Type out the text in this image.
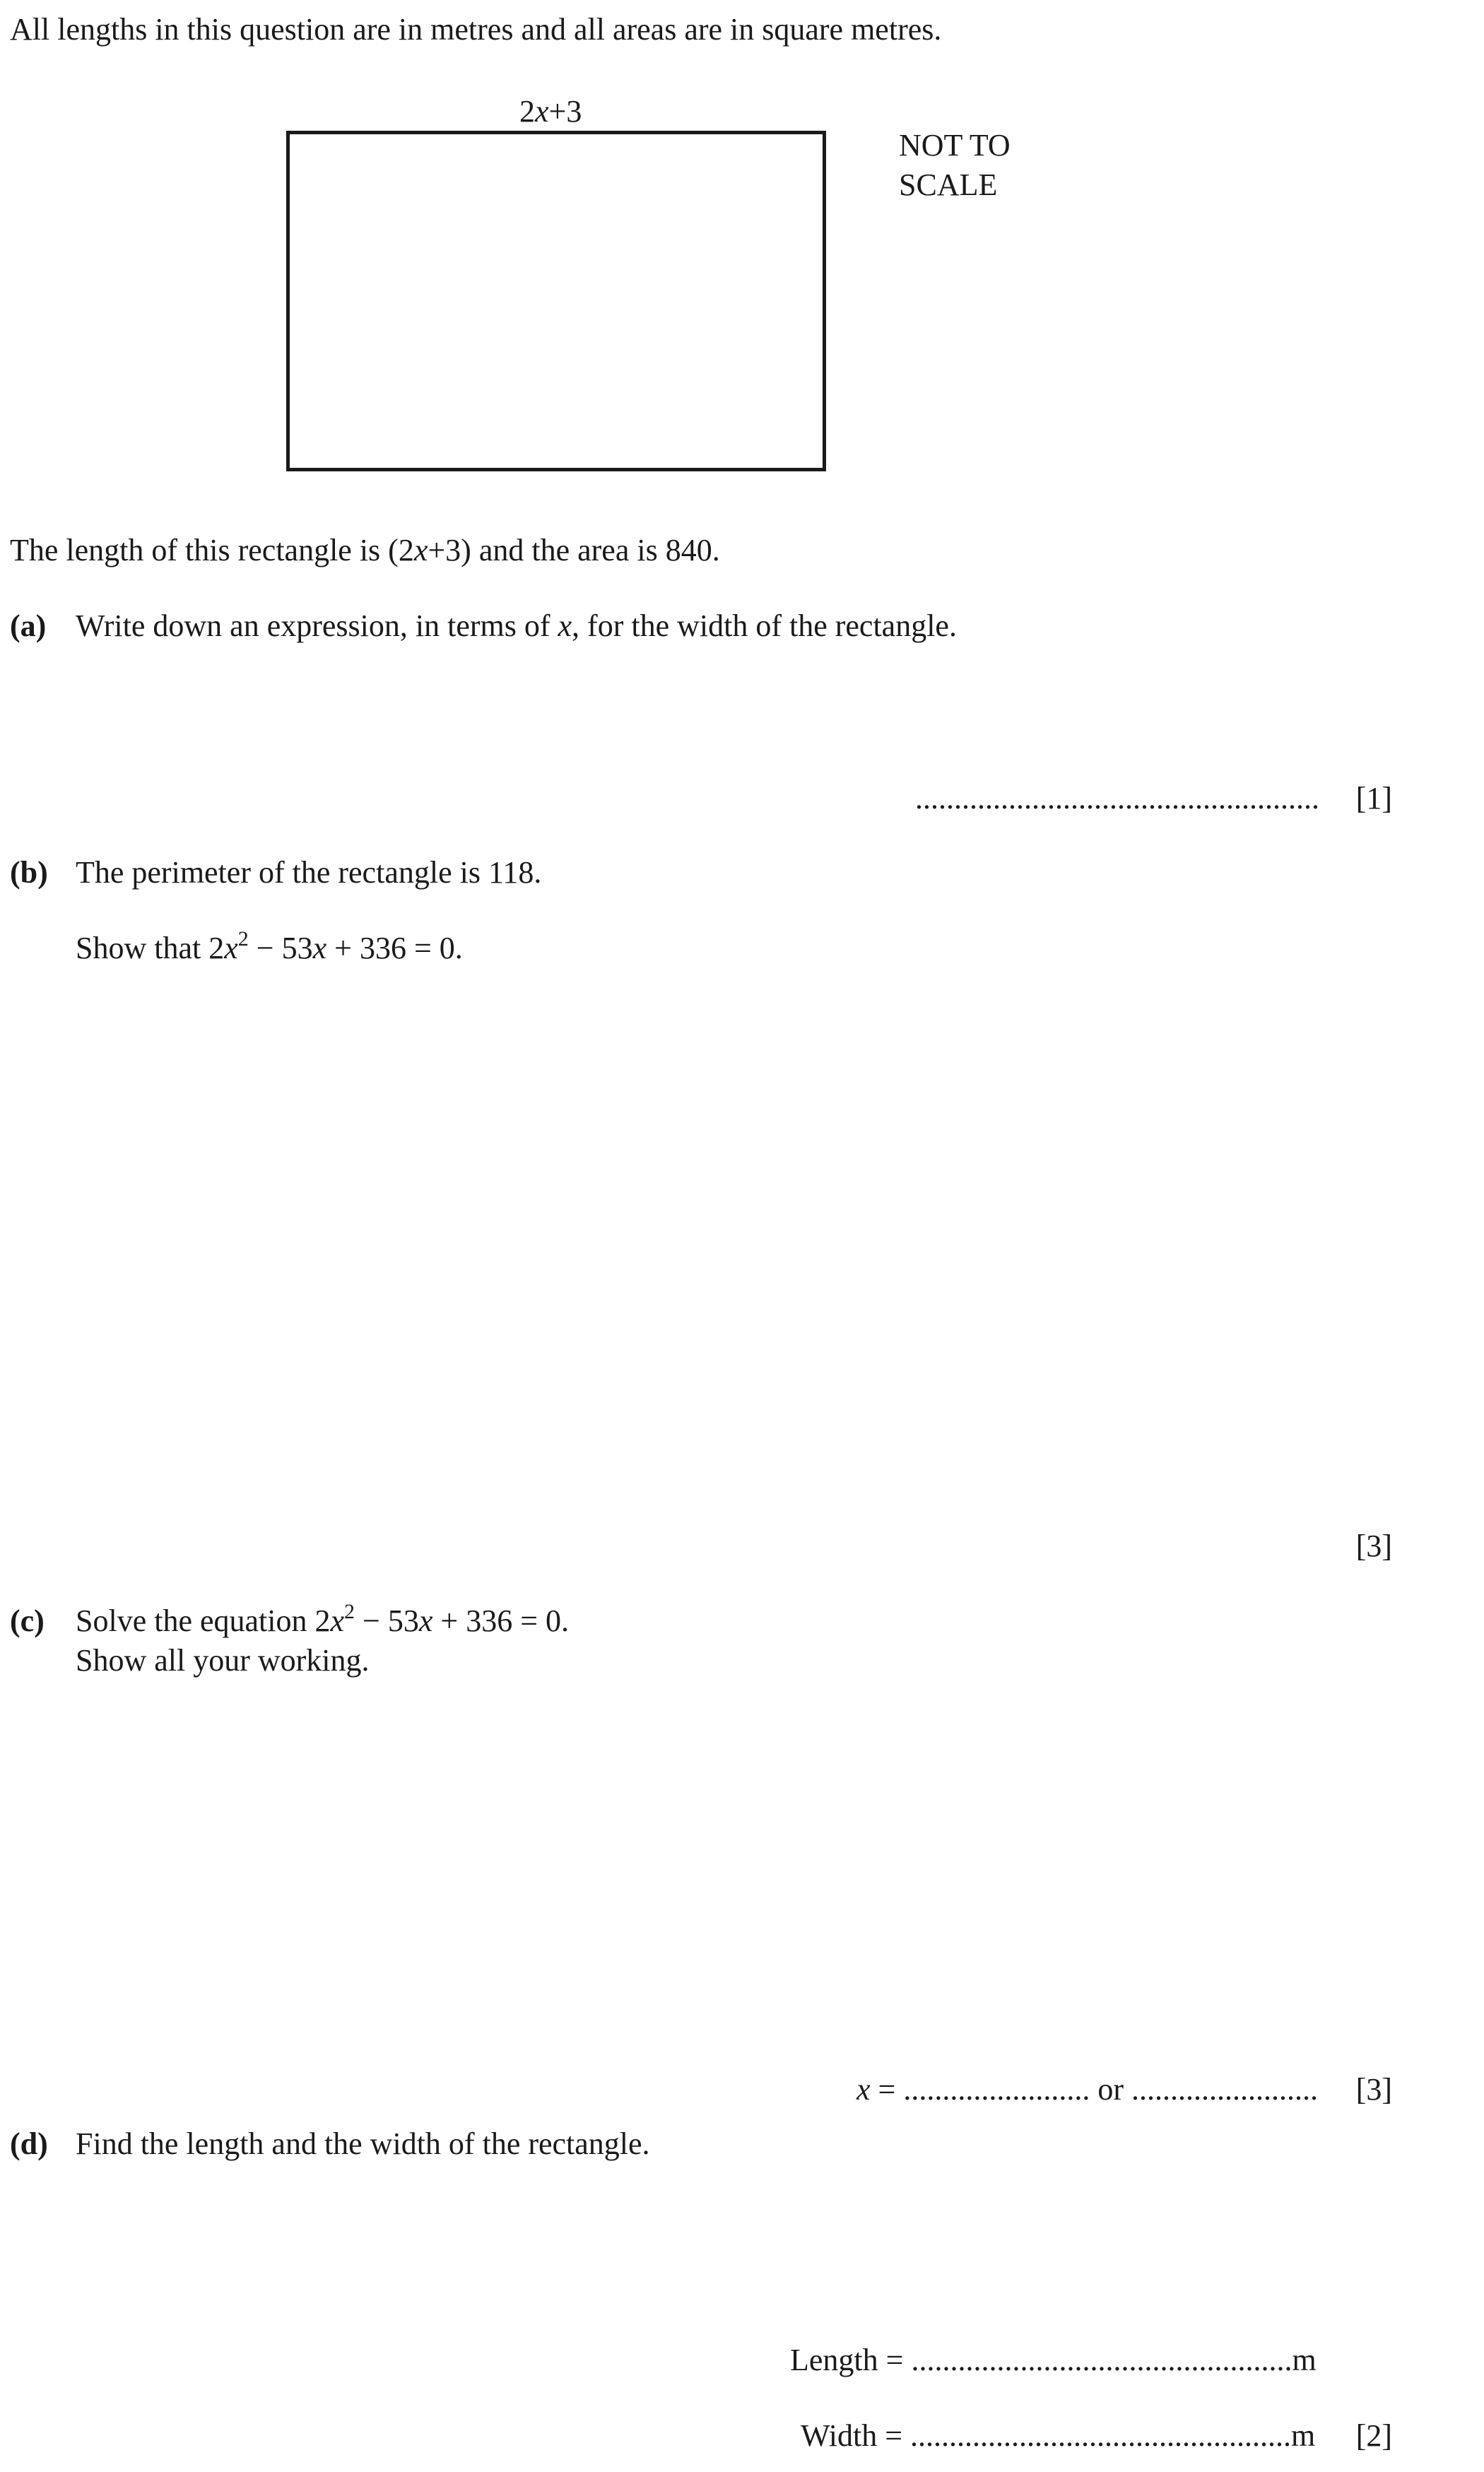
All lengths in this question are in metres and all areas are in square metres.
2x+3
NOT TO
SCALE
The length of this rectangle is (2x+3) and the area is 840.
(a) Write down an expression, in terms of x, for the width of the rectangle.
.................................................... [1]
(b) The perimeter of the rectangle is 118.
Show that $2x^2 - 53x + 336 = 0$.
[3]
(c) Solve the equation $2x^2 - 53x + 336 = 0$.
Show all your working.
x = ........................ or ........................ [3]
(d) Find the length and the width of the rectangle.
Length = .................................................m
Width = .................................................m [2]
